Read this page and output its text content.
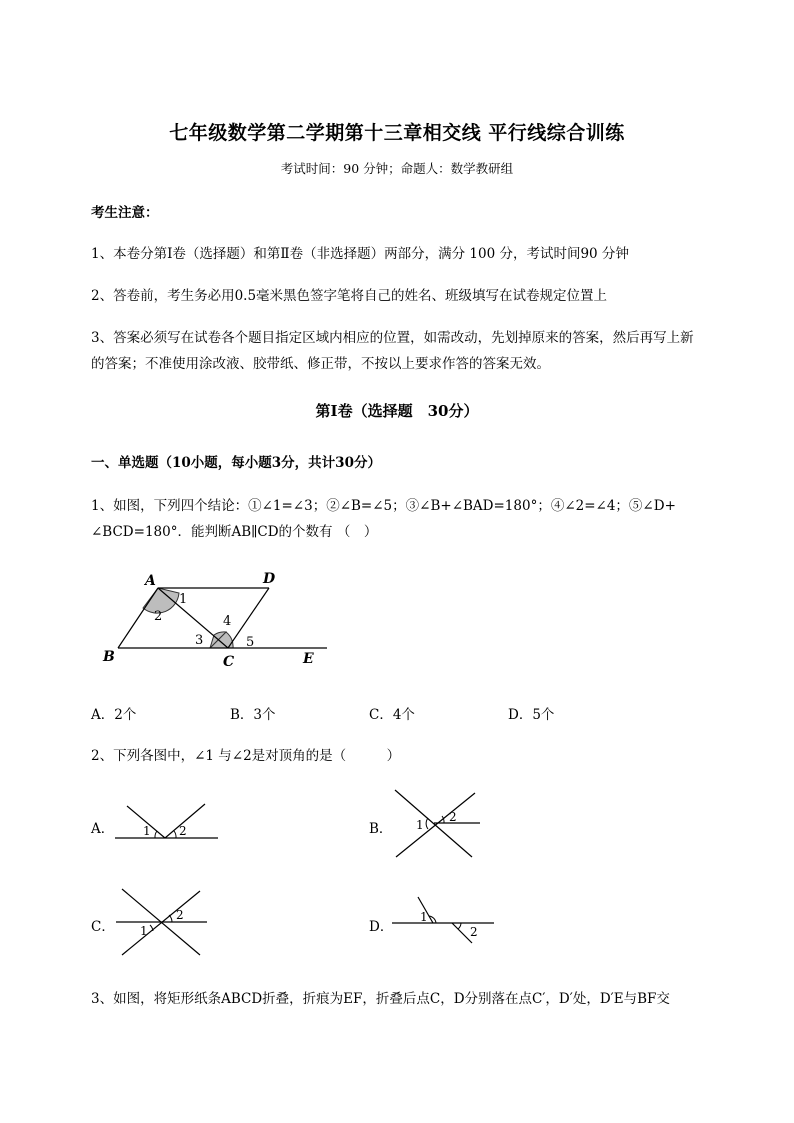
七年级数学第二学期第十三章相交线 平行线综合训练
考试时间：90 分钟；命题人：数学教研组
考生注意：
1、本卷分第Ⅰ卷（选择题）和第Ⅱ卷（非选择题）两部分，满分 100 分，考试时间90 分钟
2、答卷前，考生务必用0.5毫米黑色签字笔将自己的姓名、班级填写在试卷规定位置上
3、答案必须写在试卷各个题目指定区域内相应的位置，如需改动，先划掉原来的答案，然后再写上新
的答案；不准使用涂改液、胶带纸、修正带，不按以上要求作答的答案无效。
第Ⅰ卷（选择题　30分）
一、单选题（10小题，每小题3分，共计30分）
1、如图，下列四个结论：①∠1=∠3；②∠B=∠5；③∠B+∠BAD=180°；④∠2=∠4；⑤∠D+
∠BCD=180°．能判断AB∥CD的个数有 （　）
A	D
B	C	E
1
2
3
4
5
A．2个	B．3个	C．4个	D．5个
2、下列各图中，∠1 与∠2是对顶角的是（　　　）
A． 1 2	B． 1
2
C． 1
2
D．
1
2
3、如图，将矩形纸条ABCD折叠，折痕为EF，折叠后点C，D分别落在点C′，D′处，D′E与BF交
